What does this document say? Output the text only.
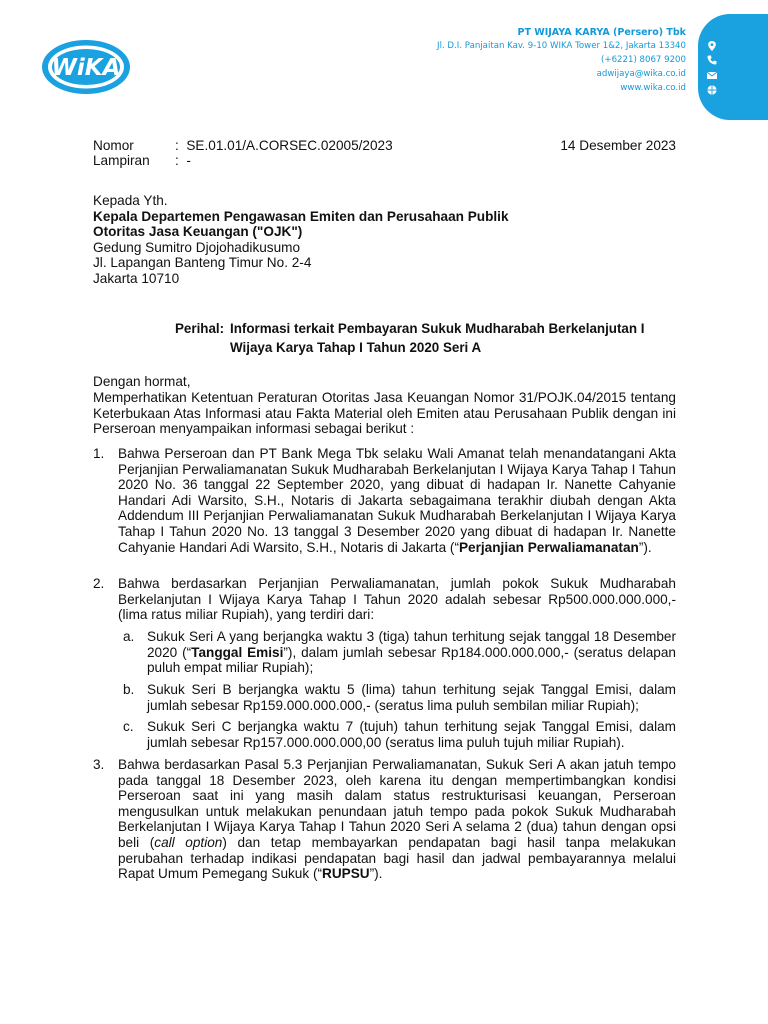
WiKA
PT WIJAYA KARYA (Persero) Tbk
Jl. D.I. Panjaitan Kav. 9-10 WIKA Tower 1&2, Jakarta 13340
(+6221) 8067 9200
adwijaya@wika.co.id
www.wika.co.id
Nomor	: SE.01.01/A.CORSEC.02005/2023
Lampiran : -
14 Desember 2023
Kepada Yth.
Kepala Departemen Pengawasan Emiten dan Perusahaan Publik
Otoritas Jasa Keuangan ("OJK")
Gedung Sumitro Djojohadikusumo
Jl. Lapangan Banteng Timur No. 2-4
Jakarta 10710
Perihal: Informasi terkait Pembayaran Sukuk Mudharabah Berkelanjutan I
Wijaya Karya Tahap I Tahun 2020 Seri A
Dengan hormat,
Memperhatikan Ketentuan Peraturan Otoritas Jasa Keuangan Nomor 31/POJK.04/2015 tentang Keterbukaan Atas Informasi atau Fakta Material oleh Emiten atau Perusahaan Publik dengan ini Perseroan menyampaikan informasi sebagai berikut :
1. Bahwa Perseroan dan PT Bank Mega Tbk selaku Wali Amanat telah menandatangani Akta Perjanjian Perwaliamanatan Sukuk Mudharabah Berkelanjutan I Wijaya Karya Tahap I Tahun 2020 No. 36 tanggal 22 September 2020, yang dibuat di hadapan Ir. Nanette Cahyanie Handari Adi Warsito, S.H., Notaris di Jakarta sebagaimana terakhir diubah dengan Akta Addendum III Perjanjian Perwaliamanatan Sukuk Mudharabah Berkelanjutan I Wijaya Karya Tahap I Tahun 2020 No. 13 tanggal 3 Desember 2020 yang dibuat di hadapan Ir. Nanette Cahyanie Handari Adi Warsito, S.H., Notaris di Jakarta (“Perjanjian Perwaliamanatan”).
2. Bahwa berdasarkan Perjanjian Perwaliamanatan, jumlah pokok Sukuk Mudharabah Berkelanjutan I Wijaya Karya Tahap I Tahun 2020 adalah sebesar Rp500.000.000.000,- (lima ratus miliar Rupiah), yang terdiri dari:
a. Sukuk Seri A yang berjangka waktu 3 (tiga) tahun terhitung sejak tanggal 18 Desember 2020 (“Tanggal Emisi”), dalam jumlah sebesar Rp184.000.000.000,- (seratus delapan puluh empat miliar Rupiah);
b. Sukuk Seri B berjangka waktu 5 (lima) tahun terhitung sejak Tanggal Emisi, dalam jumlah sebesar Rp159.000.000.000,- (seratus lima puluh sembilan miliar Rupiah);
c. Sukuk Seri C berjangka waktu 7 (tujuh) tahun terhitung sejak Tanggal Emisi, dalam jumlah sebesar Rp157.000.000.000,00 (seratus lima puluh tujuh miliar Rupiah).
3. Bahwa berdasarkan Pasal 5.3 Perjanjian Perwaliamanatan, Sukuk Seri A akan jatuh tempo pada tanggal 18 Desember 2023, oleh karena itu dengan mempertimbangkan kondisi Perseroan saat ini yang masih dalam status restrukturisasi keuangan, Perseroan mengusulkan untuk melakukan penundaan jatuh tempo pada pokok Sukuk Mudharabah Berkelanjutan I Wijaya Karya Tahap I Tahun 2020 Seri A selama 2 (dua) tahun dengan opsi beli (call option) dan tetap membayarkan pendapatan bagi hasil tanpa melakukan perubahan terhadap indikasi pendapatan bagi hasil dan jadwal pembayarannya melalui Rapat Umum Pemegang Sukuk (“RUPSU”).
